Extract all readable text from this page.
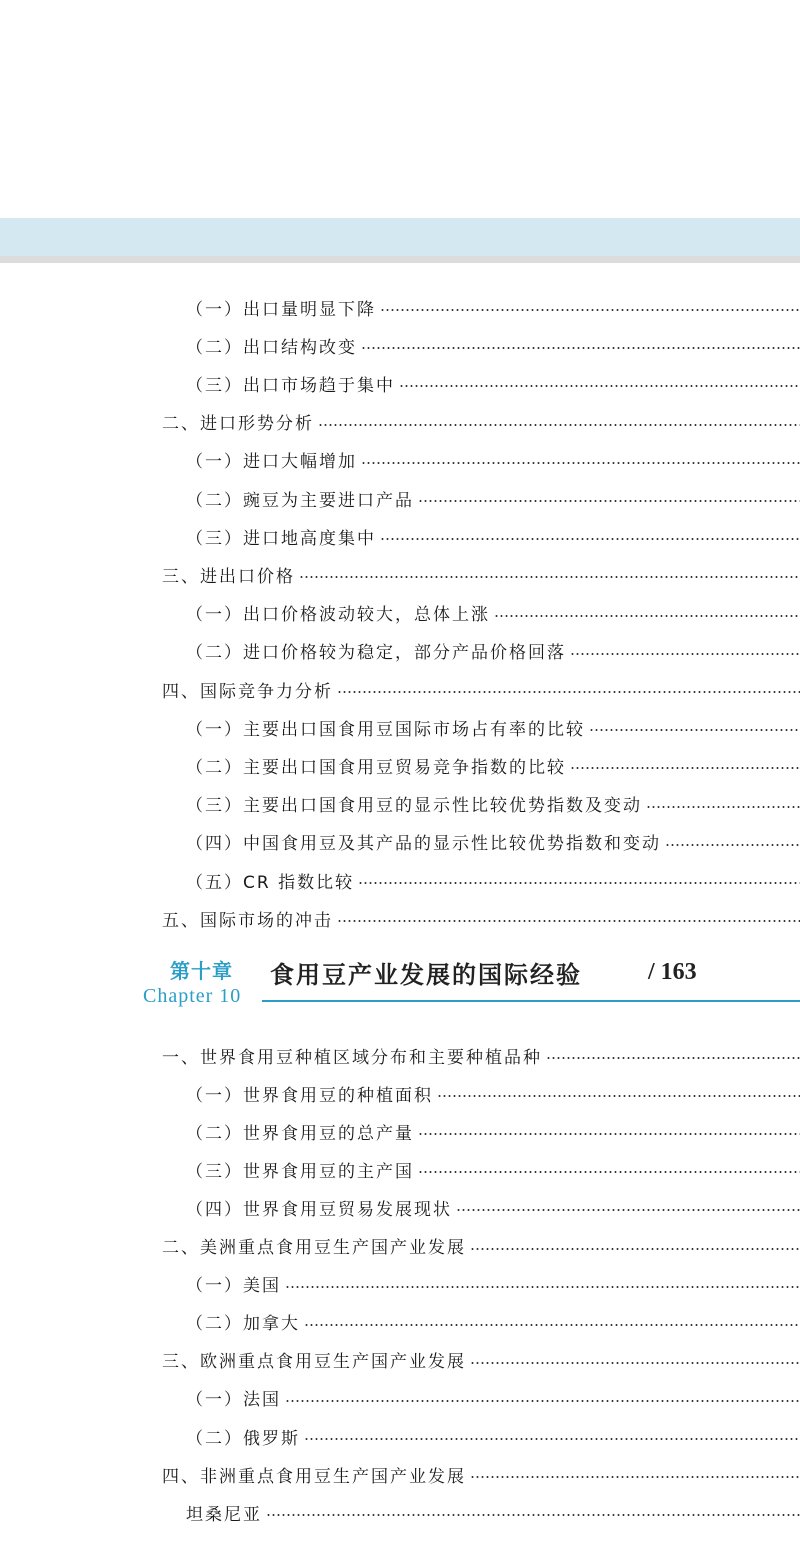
（一）出口量明显下降
（二）出口结构改变
（三）出口市场趋于集中
二、进口形势分析
（一）进口大幅增加
（二）豌豆为主要进口产品
（三）进口地高度集中
三、进出口价格
（一）出口价格波动较大，总体上涨
（二）进口价格较为稳定，部分产品价格回落
四、国际竞争力分析
（一）主要出口国食用豆国际市场占有率的比较
（二）主要出口国食用豆贸易竞争指数的比较
（三）主要出口国食用豆的显示性比较优势指数及变动
（四）中国食用豆及其产品的显示性比较优势指数和变动
（五）CR 指数比较
五、国际市场的冲击
一、世界食用豆种植区域分布和主要种植品种
（一）世界食用豆的种植面积
（二）世界食用豆的总产量
（三）世界食用豆的主产国
（四）世界食用豆贸易发展现状
二、美洲重点食用豆生产国产业发展
（一）美国
（二）加拿大
三、欧洲重点食用豆生产国产业发展
（一）法国
（二）俄罗斯
四、非洲重点食用豆生产国产业发展
坦桑尼亚
第十章
Chapter 10
食用豆产业发展的国际经验	/ 163
